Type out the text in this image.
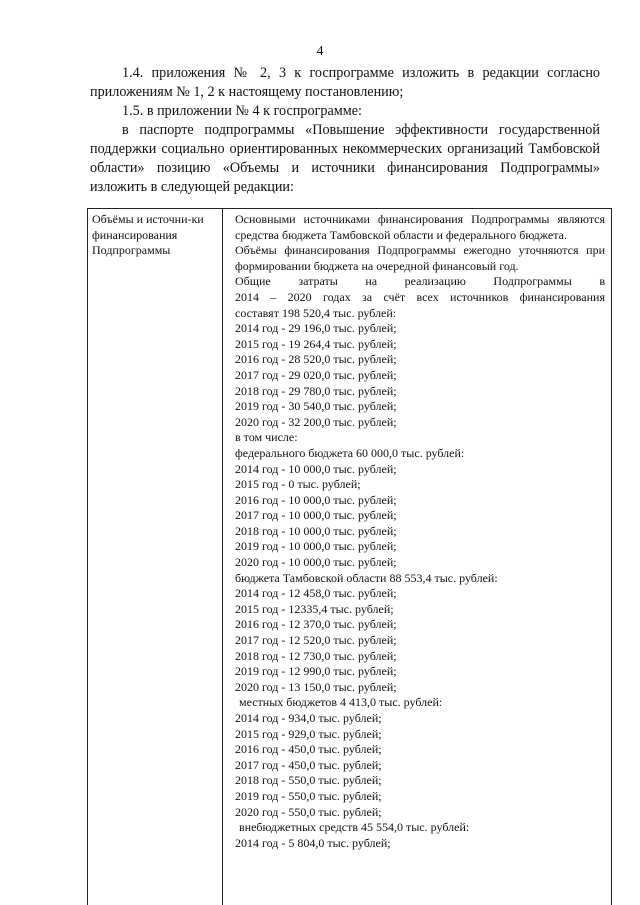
4

1.4. приложения № 2, 3 к госпрограмме изложить в редакции согласно приложениям № 1, 2 к настоящему постановлению;

1.5. в приложении № 4 к госпрограмме:

в паспорте подпрограммы «Повышение эффективности государственной поддержки социально ориентированных некоммерческих организаций Тамбовской области» позицию «Объемы и источники финансирования Подпрограммы» изложить в следующей редакции:

Объёмы и источни-ки финансирования Подпрограммы

Основными источниками финансирования Подпрограммы являются средства бюджета Тамбовской области и федерального бюджета.

Объёмы финансирования Подпрограммы ежегодно уточняются при формировании бюджета на очередной финансовый год.

Общие затраты на реализацию Подпрограммы в

2014 – 2020 годах за счёт всех источников финансирования

составят 198 520,4 тыс. рублей:

2014 год - 29 196,0 тыс. рублей;

2015 год - 19 264,4 тыс. рублей;

2016 год - 28 520,0 тыс. рублей;

2017 год - 29 020,0 тыс. рублей;

2018 год - 29 780,0 тыс. рублей;

2019 год - 30 540,0 тыс. рублей;

2020 год - 32 200,0 тыс. рублей;

в том числе:

федерального бюджета 60 000,0 тыс. рублей:

2014 год - 10 000,0 тыс. рублей;

2015 год - 0 тыс. рублей;

2016 год - 10 000,0 тыс. рублей;

2017 год - 10 000,0 тыс. рублей;

2018 год - 10 000,0 тыс. рублей;

2019 год - 10 000,0 тыс. рублей;

2020 год - 10 000,0 тыс. рублей;

бюджета Тамбовской области 88 553,4 тыс. рублей:

2014 год - 12 458,0 тыс. рублей;

2015 год - 12335,4 тыс. рублей;

2016 год - 12 370,0 тыс. рублей;

2017 год - 12 520,0 тыс. рублей;

2018 год - 12 730,0 тыс. рублей;

2019 год - 12 990,0 тыс. рублей;

2020 год - 13 150,0 тыс. рублей;

местных бюджетов 4 413,0 тыс. рублей:

2014 год - 934,0 тыс. рублей;

2015 год - 929,0 тыс. рублей;

2016 год - 450,0 тыс. рублей;

2017 год - 450,0 тыс. рублей;

2018 год - 550,0 тыс. рублей;

2019 год - 550,0 тыс. рублей;

2020 год - 550,0 тыс. рублей;

внебюджетных средств 45 554,0 тыс. рублей:

2014 год - 5 804,0 тыс. рублей;
